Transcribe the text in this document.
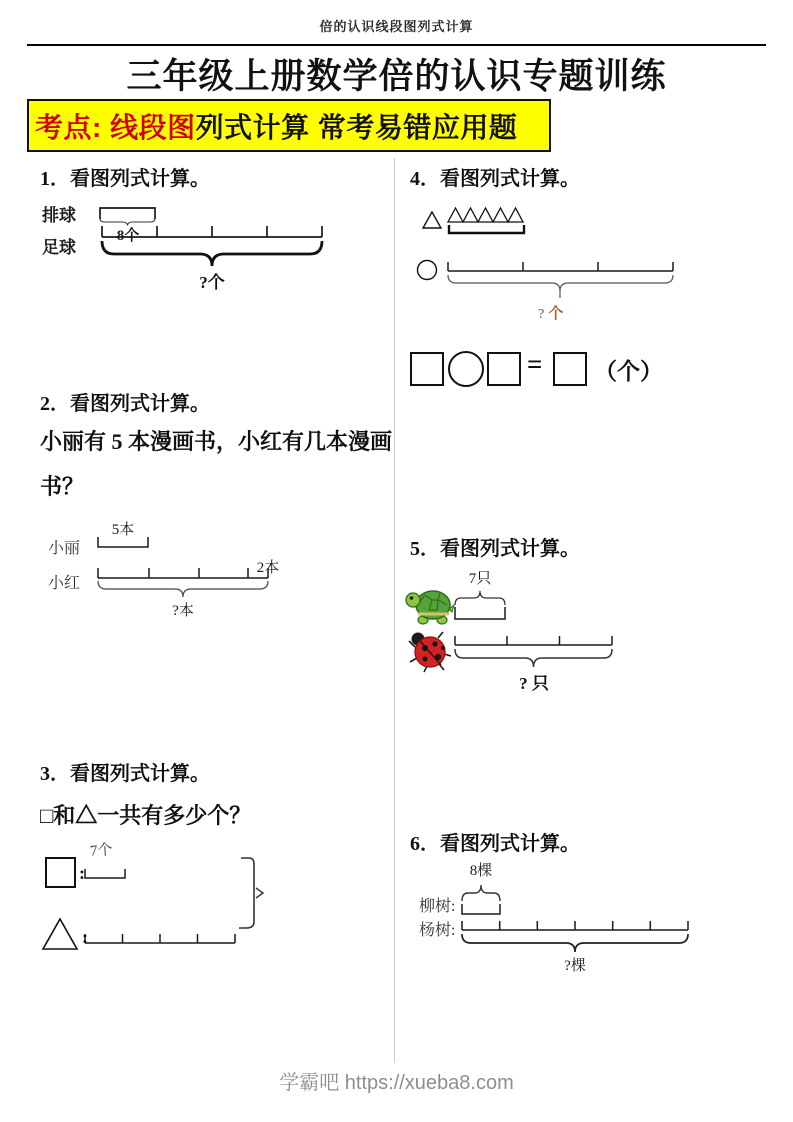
倍的认识线段图列式计算
三年级上册数学倍的认识专题训练
考点: 线段图 列式计算 常考易错应用题
1．看图列式计算。
排球
8个
足球
?个
2．看图列式计算。
小丽有 5 本漫画书，小红有几本漫画书？
5本
小丽
2本
小红
?本
3．看图列式计算。
□和△一共有多少个？
7个
:
:
4．看图列式计算。
? 个
= （个）
5．看图列式计算。
7只
? 只
6．看图列式计算。
8棵
柳树:
杨树:
?棵
学霸吧 https://xueba8.com
